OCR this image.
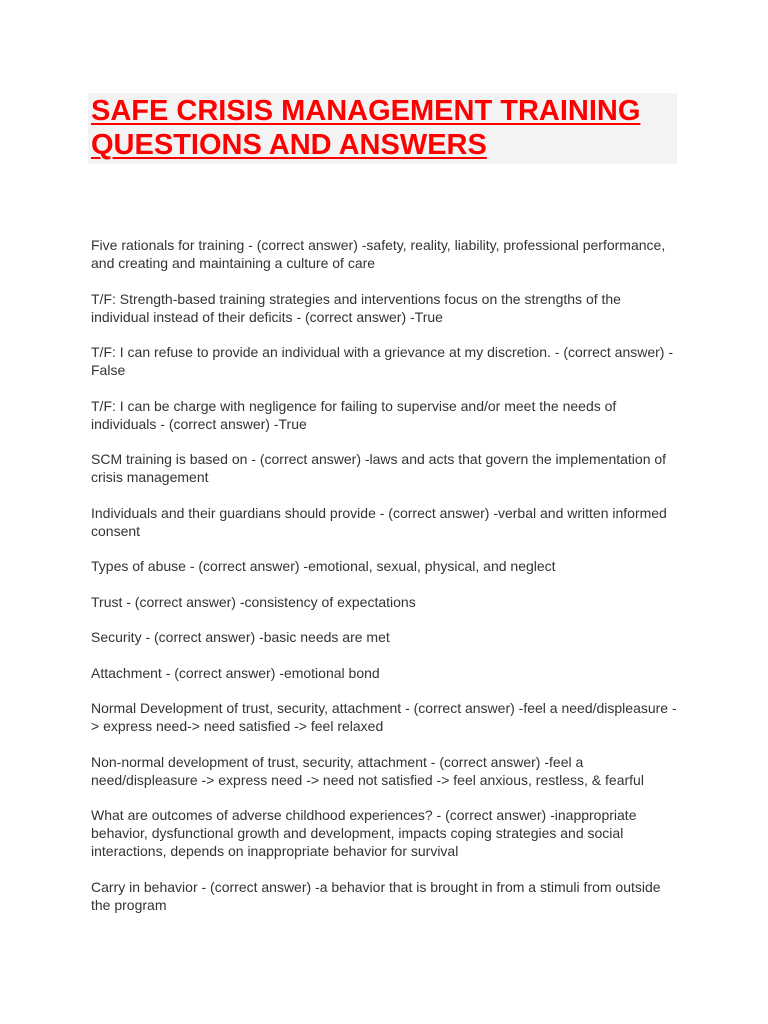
SAFE CRISIS MANAGEMENT TRAINING
QUESTIONS AND ANSWERS

Five rationals for training - (correct answer) -safety, reality, liability, professional performance, and creating and maintaining a culture of care

T/F: Strength-based training strategies and interventions focus on the strengths of the individual instead of their deficits - (correct answer) -True

T/F: I can refuse to provide an individual with a grievance at my discretion. - (correct answer) -False

T/F: I can be charge with negligence for failing to supervise and/or meet the needs of individuals - (correct answer) -True

SCM training is based on - (correct answer) -laws and acts that govern the implementation of crisis management

Individuals and their guardians should provide - (correct answer) -verbal and written informed consent

Types of abuse - (correct answer) -emotional, sexual, physical, and neglect

Trust - (correct answer) -consistency of expectations

Security - (correct answer) -basic needs are met

Attachment - (correct answer) -emotional bond

Normal Development of trust, security, attachment - (correct answer) -feel a need/displeasure -> express need-> need satisfied -> feel relaxed

Non-normal development of trust, security, attachment - (correct answer) -feel a need/displeasure -> express need -> need not satisfied -> feel anxious, restless, & fearful

What are outcomes of adverse childhood experiences? - (correct answer) -inappropriate behavior, dysfunctional growth and development, impacts coping strategies and social interactions, depends on inappropriate behavior for survival

Carry in behavior - (correct answer) -a behavior that is brought in from a stimuli from outside the program
